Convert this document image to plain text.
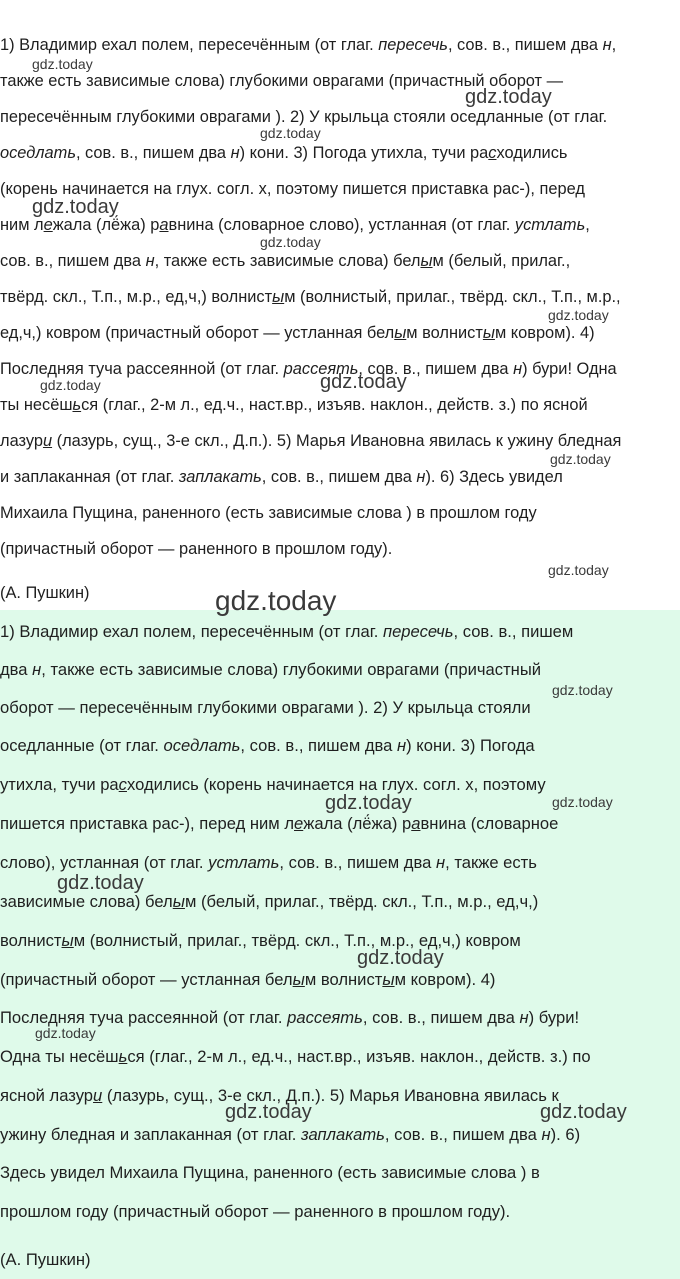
1) Владимир ехал полем, пересечённым (от глаг. пересечь, сов. в., пишем два н,
также есть зависимые слова) глубокими оврагами (причастный оборот —
пересечённым глубокими оврагами ). 2) У крыльца стояли оседланные (от глаг.
оседлать, сов. в., пишем два н) кони. 3) Погода утихла, тучи расходились
(корень начинается на глух. согл. х, поэтому пишется приставка рас-), перед
ним лежала (лё́жа) равнина (словарное слово), устланная (от глаг. устлать,
сов. в., пишем два н, также есть зависимые слова) белым (белый, прилаг.,
твёрд. скл., Т.п., м.р., ед,ч,) волнистым (волнистый, прилаг., твёрд. скл., Т.п., м.р.,
ед,ч,) ковром (причастный оборот — устланная белым волнистым ковром). 4)
Последняя туча рассеянной (от глаг. рассеять, сов. в., пишем два н) бури! Одна
ты несёшься (глаг., 2-м л., ед.ч., наст.вр., изъяв. наклон., действ. з.) по ясной
лазури (лазурь, сущ., 3-е скл., Д.п.). 5) Марья Ивановна явилась к ужину бледная
и заплаканная (от глаг. заплакать, сов. в., пишем два н). 6) Здесь увидел
Михаила Пущина, раненного (есть зависимые слова ) в прошлом году
(причастный оборот — раненного в прошлом году).
(А. Пушкин)
1) Владимир ехал полем, пересечённым (от глаг. пересечь, сов. в., пишем
два н, также есть зависимые слова) глубокими оврагами (причастный
оборот — пересечённым глубокими оврагами ). 2) У крыльца стояли
оседланные (от глаг. оседлать, сов. в., пишем два н) кони. 3) Погода
утихла, тучи расходились (корень начинается на глух. согл. х, поэтому
пишется приставка рас-), перед ним лежала (лё́жа) равнина (словарное
слово), устланная (от глаг. устлать, сов. в., пишем два н, также есть
зависимые слова) белым (белый, прилаг., твёрд. скл., Т.п., м.р., ед,ч,)
волнистым (волнистый, прилаг., твёрд. скл., Т.п., м.р., ед,ч,) ковром
(причастный оборот — устланная белым волнистым ковром). 4)
Последняя туча рассеянной (от глаг. рассеять, сов. в., пишем два н) бури!
Одна ты несёшься (глаг., 2-м л., ед.ч., наст.вр., изъяв. наклон., действ. з.) по
ясной лазури (лазурь, сущ., 3-е скл., Д.п.). 5) Марья Ивановна явилась к
ужину бледная и заплаканная (от глаг. заплакать, сов. в., пишем два н). 6)
Здесь увидел Михаила Пущина, раненного (есть зависимые слова ) в
прошлом году (причастный оборот — раненного в прошлом году).
(А. Пушкин)
gdz.today
gdz.today
gdz.today
gdz.today
gdz.today
gdz.today
gdz.today	gdz.today
gdz.today
gdz.today
gdz.today
gdz.today
gdz.today	gdz.today
gdz.today
gdz.today
gdz.today
gdz.today	gdz.today
